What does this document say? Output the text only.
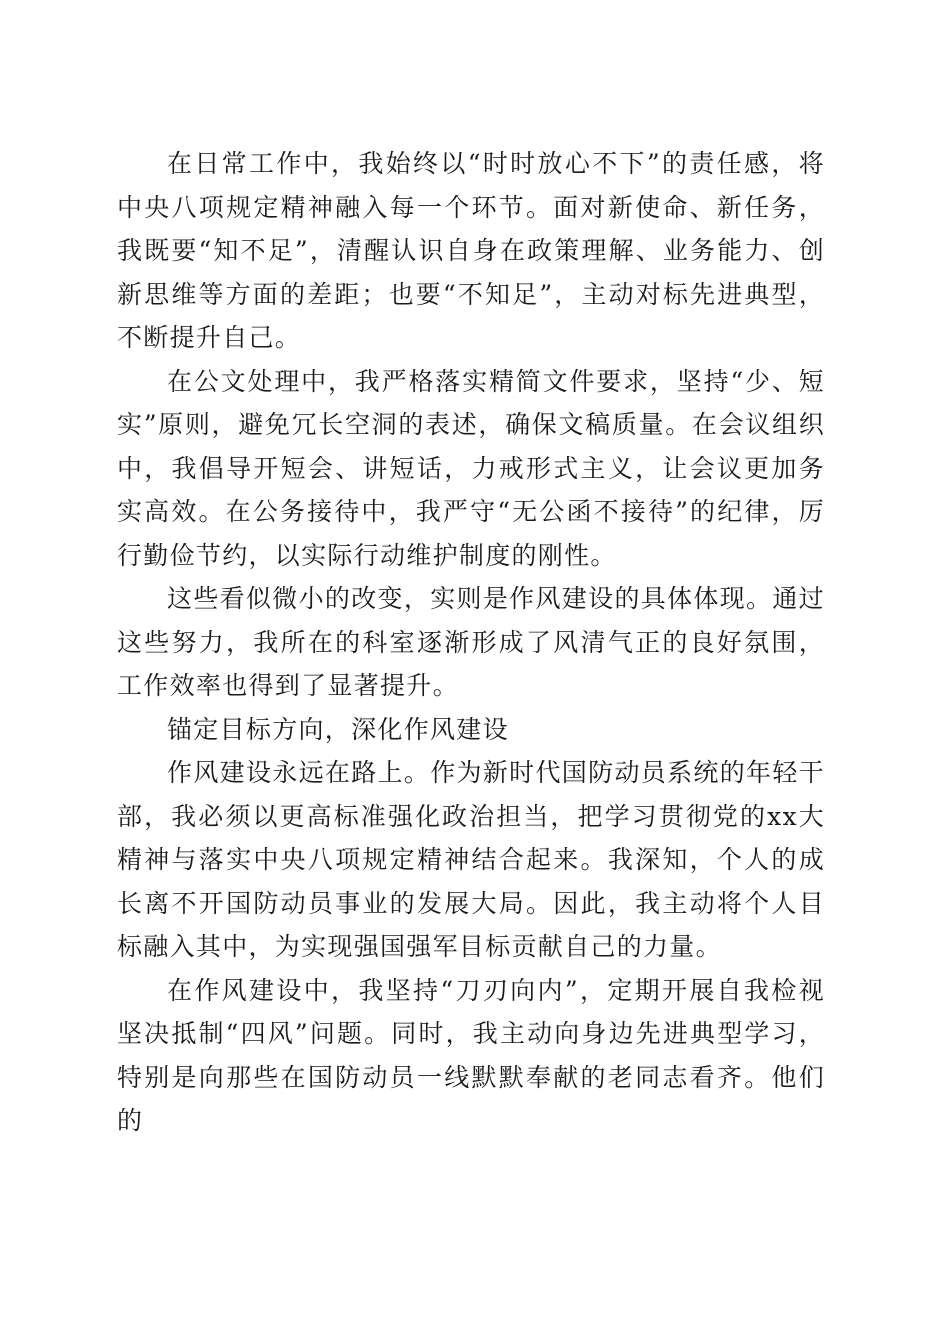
在日常工作中，我始终以“时时放心不下”的责任感，将中央八项规定精神融入每一个环节。面对新使命、新任务，我既要“知不足”，清醒认识自身在政策理解、业务能力、创新思维等方面的差距；也要“不知足”，主动对标先进典型，不断提升自己。

在公文处理中，我严格落实精简文件要求，坚持“少、短实”原则，避免冗长空洞的表述，确保文稿质量。在会议组织中，我倡导开短会、讲短话，力戒形式主义，让会议更加务实高效。在公务接待中，我严守“无公函不接待”的纪律，厉行勤俭节约，以实际行动维护制度的刚性。

这些看似微小的改变，实则是作风建设的具体体现。通过这些努力，我所在的科室逐渐形成了风清气正的良好氛围，工作效率也得到了显著提升。

锚定目标方向，深化作风建设

作风建设永远在路上。作为新时代国防动员系统的年轻干部，我必须以更高标准强化政治担当，把学习贯彻党的xx大精神与落实中央八项规定精神结合起来。我深知，个人的成长离不开国防动员事业的发展大局。因此，我主动将个人目标融入其中，为实现强国强军目标贡献自己的力量。

在作风建设中，我坚持“刀刃向内”，定期开展自我检视坚决抵制“四风”问题。同时，我主动向身边先进典型学习，特别是向那些在国防动员一线默默奉献的老同志看齐。他们的
